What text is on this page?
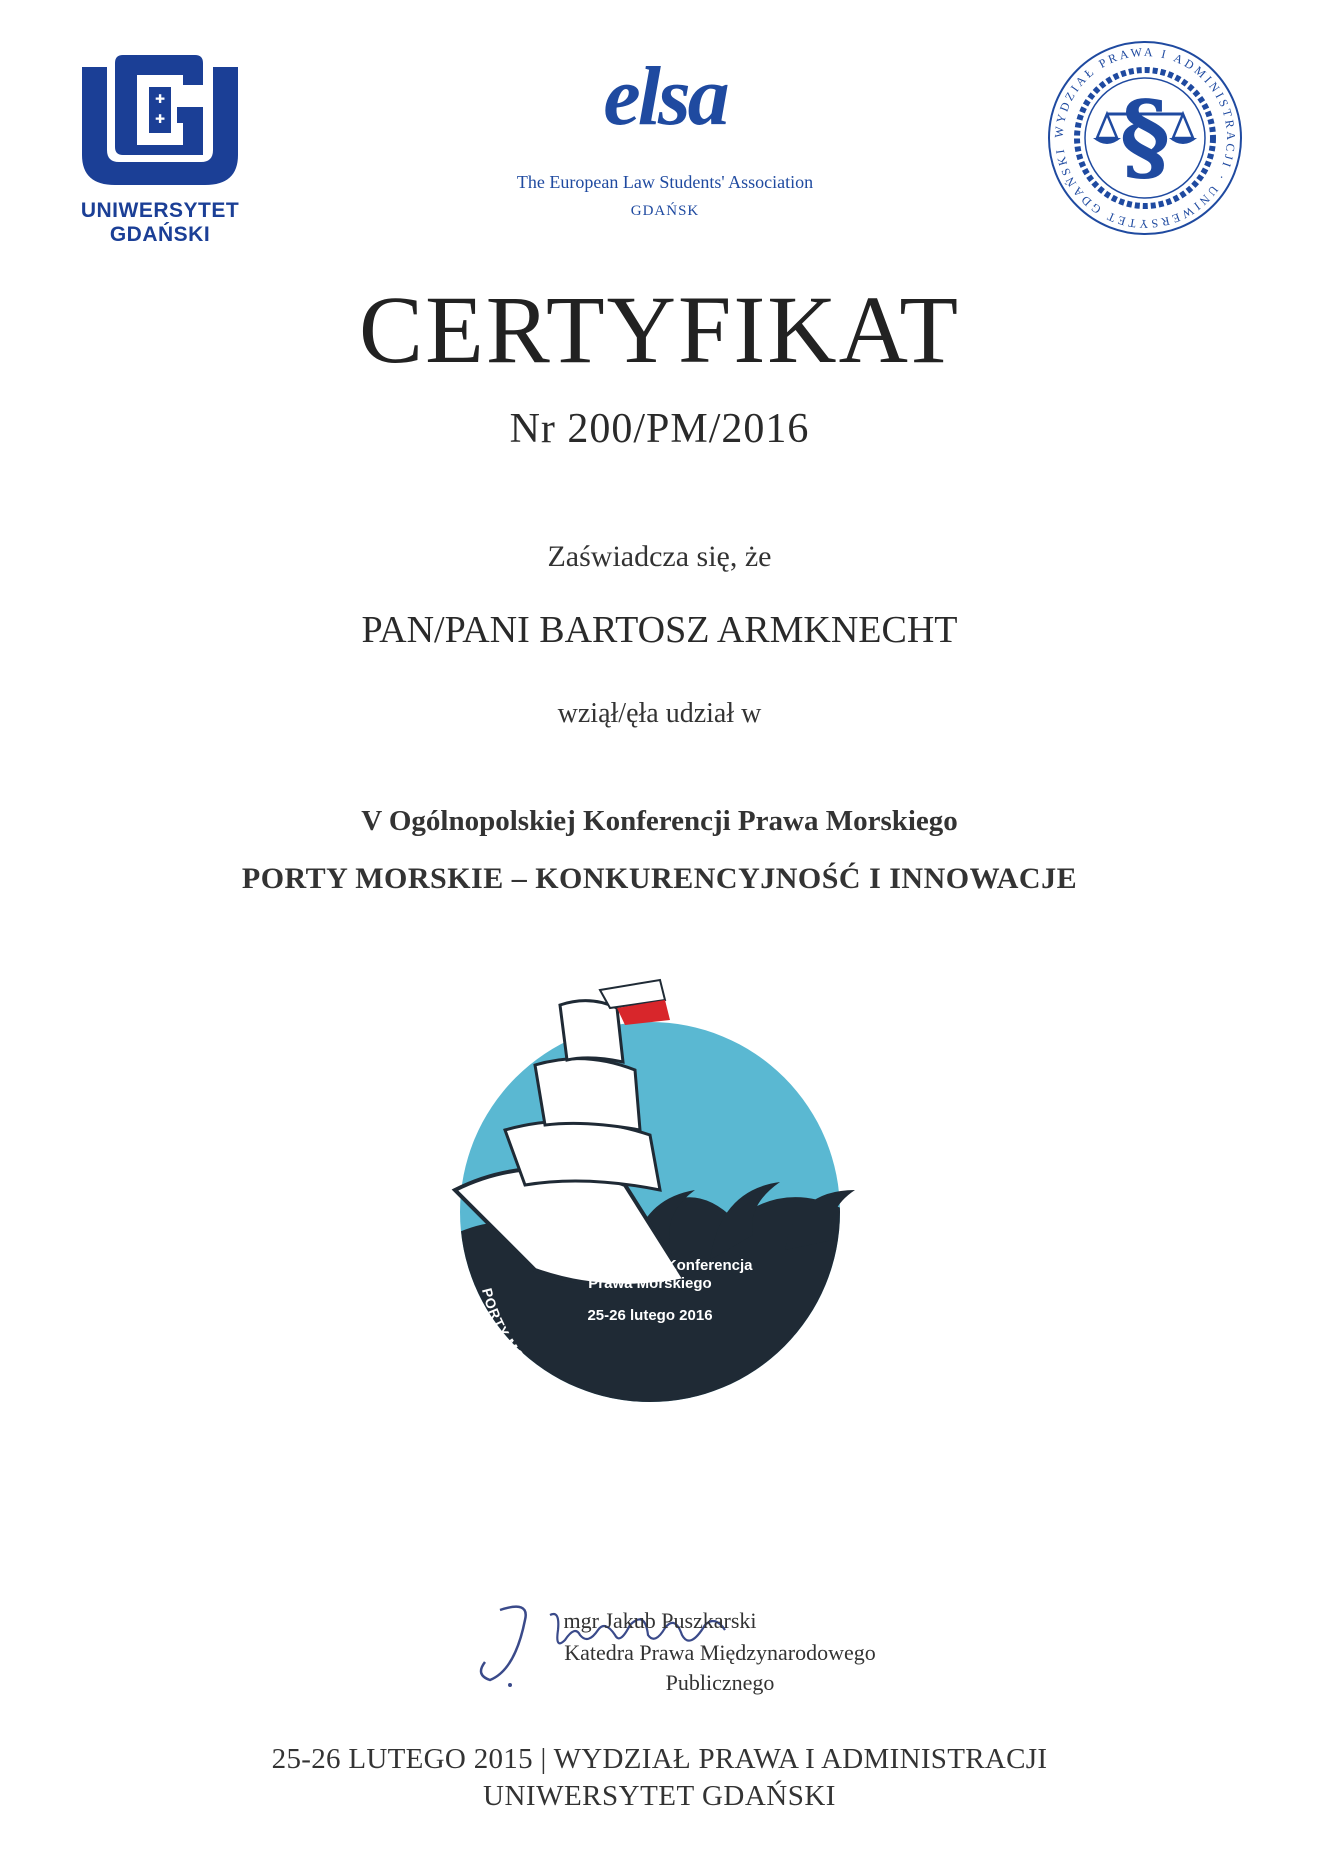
✚
✚
UNIWERSYTET GDAŃSKI
elsa
The European Law Students' Association
GDAŃSK
WYDZIAŁ PRAWA I ADMINISTRACJI · UNIWERSYTET GDAŃSKI §
CERTYFIKAT
Nr 200/PM/2016
Zaświadcza się, że
PAN/PANI BARTOSZ ARMKNECHT
wziął/ęła udział w
V Ogólnopolskiej Konferencji Prawa Morskiego
PORTY MORSKIE – KONKURENCYJNOŚĆ I INNOWACJE
V Ogólnopolska Konferencja
Prawa Morskiego
25-26 lutego 2016
PORTY MORSKIE - KONKURENCYJNOŚĆ I INNOWACJE
mgr Jakub Puszkarski
Katedra Prawa Międzynarodowego
Publicznego
25-26 LUTEGO 2015 | WYDZIAŁ PRAWA I ADMINISTRACJI
UNIWERSYTET GDAŃSKI
